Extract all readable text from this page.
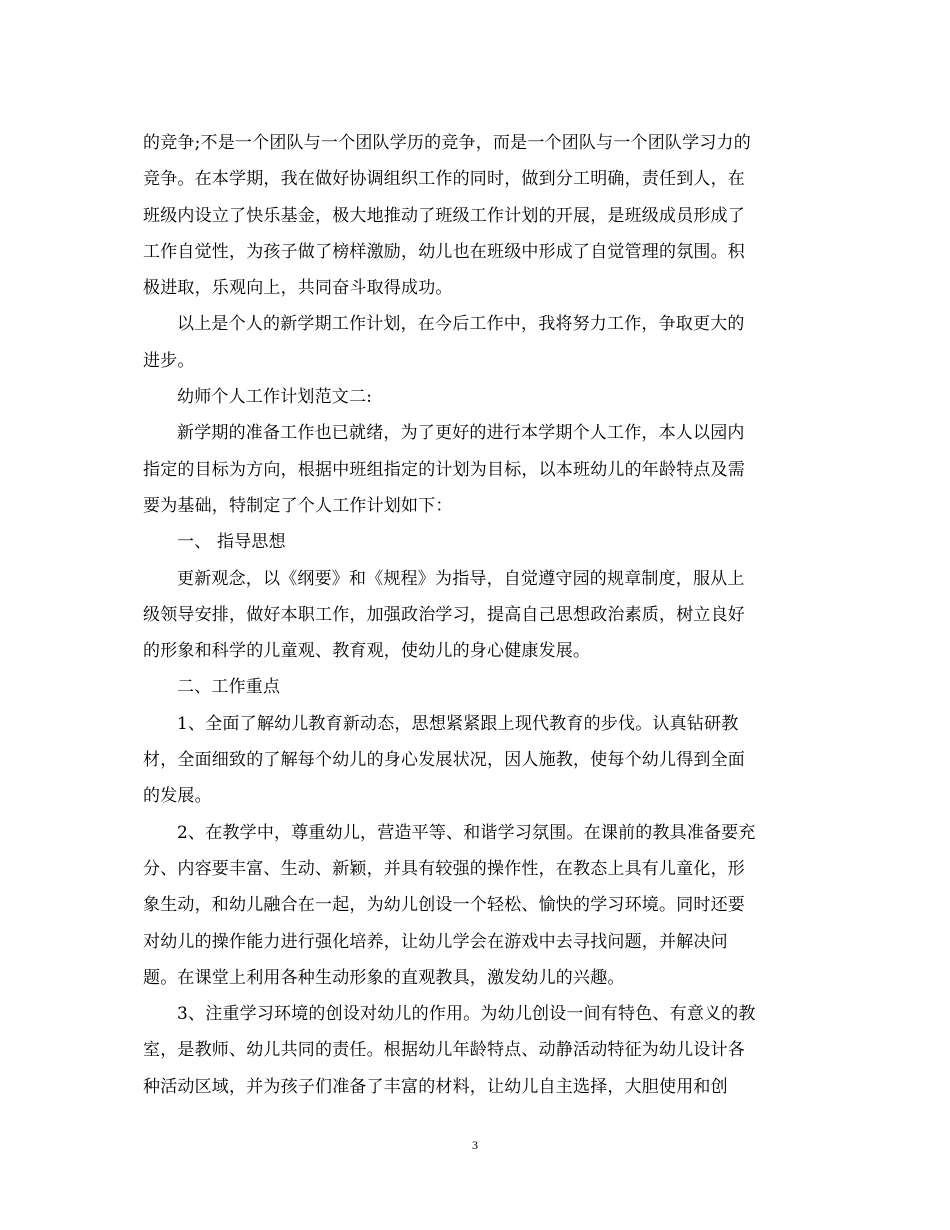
的竞争;不是一个团队与一个团队学历的竞争，而是一个团队与一个团队学习力的
竞争。在本学期，我在做好协调组织工作的同时，做到分工明确，责任到人，在
班级内设立了快乐基金，极大地推动了班级工作计划的开展，是班级成员形成了
工作自觉性，为孩子做了榜样激励，幼儿也在班级中形成了自觉管理的氛围。积
极进取，乐观向上，共同奋斗取得成功。
以上是个人的新学期工作计划，在今后工作中，我将努力工作，争取更大的
进步。
幼师个人工作计划范文二:
新学期的准备工作也已就绪，为了更好的进行本学期个人工作，本人以园内
指定的目标为方向，根据中班组指定的计划为目标，以本班幼儿的年龄特点及需
要为基础，特制定了个人工作计划如下：
一、 指导思想
更新观念，以《纲要》和《规程》为指导，自觉遵守园的规章制度，服从上
级领导安排，做好本职工作，加强政治学习，提高自己思想政治素质，树立良好
的形象和科学的儿童观、教育观，使幼儿的身心健康发展。
二、工作重点
1、全面了解幼儿教育新动态，思想紧紧跟上现代教育的步伐。认真钻研教
材，全面细致的了解每个幼儿的身心发展状况，因人施教，使每个幼儿得到全面
的发展。
2、在教学中，尊重幼儿，营造平等、和谐学习氛围。在课前的教具准备要充
分、内容要丰富、生动、新颖，并具有较强的操作性，在教态上具有儿童化，形
象生动，和幼儿融合在一起，为幼儿创设一个轻松、愉快的学习环境。同时还要
对幼儿的操作能力进行强化培养，让幼儿学会在游戏中去寻找问题，并解决问
题。在课堂上利用各种生动形象的直观教具，激发幼儿的兴趣。
3、注重学习环境的创设对幼儿的作用。为幼儿创设一间有特色、有意义的教
室，是教师、幼儿共同的责任。根据幼儿年龄特点、动静活动特征为幼儿设计各
种活动区域，并为孩子们准备了丰富的材料，让幼儿自主选择，大胆使用和创
3
